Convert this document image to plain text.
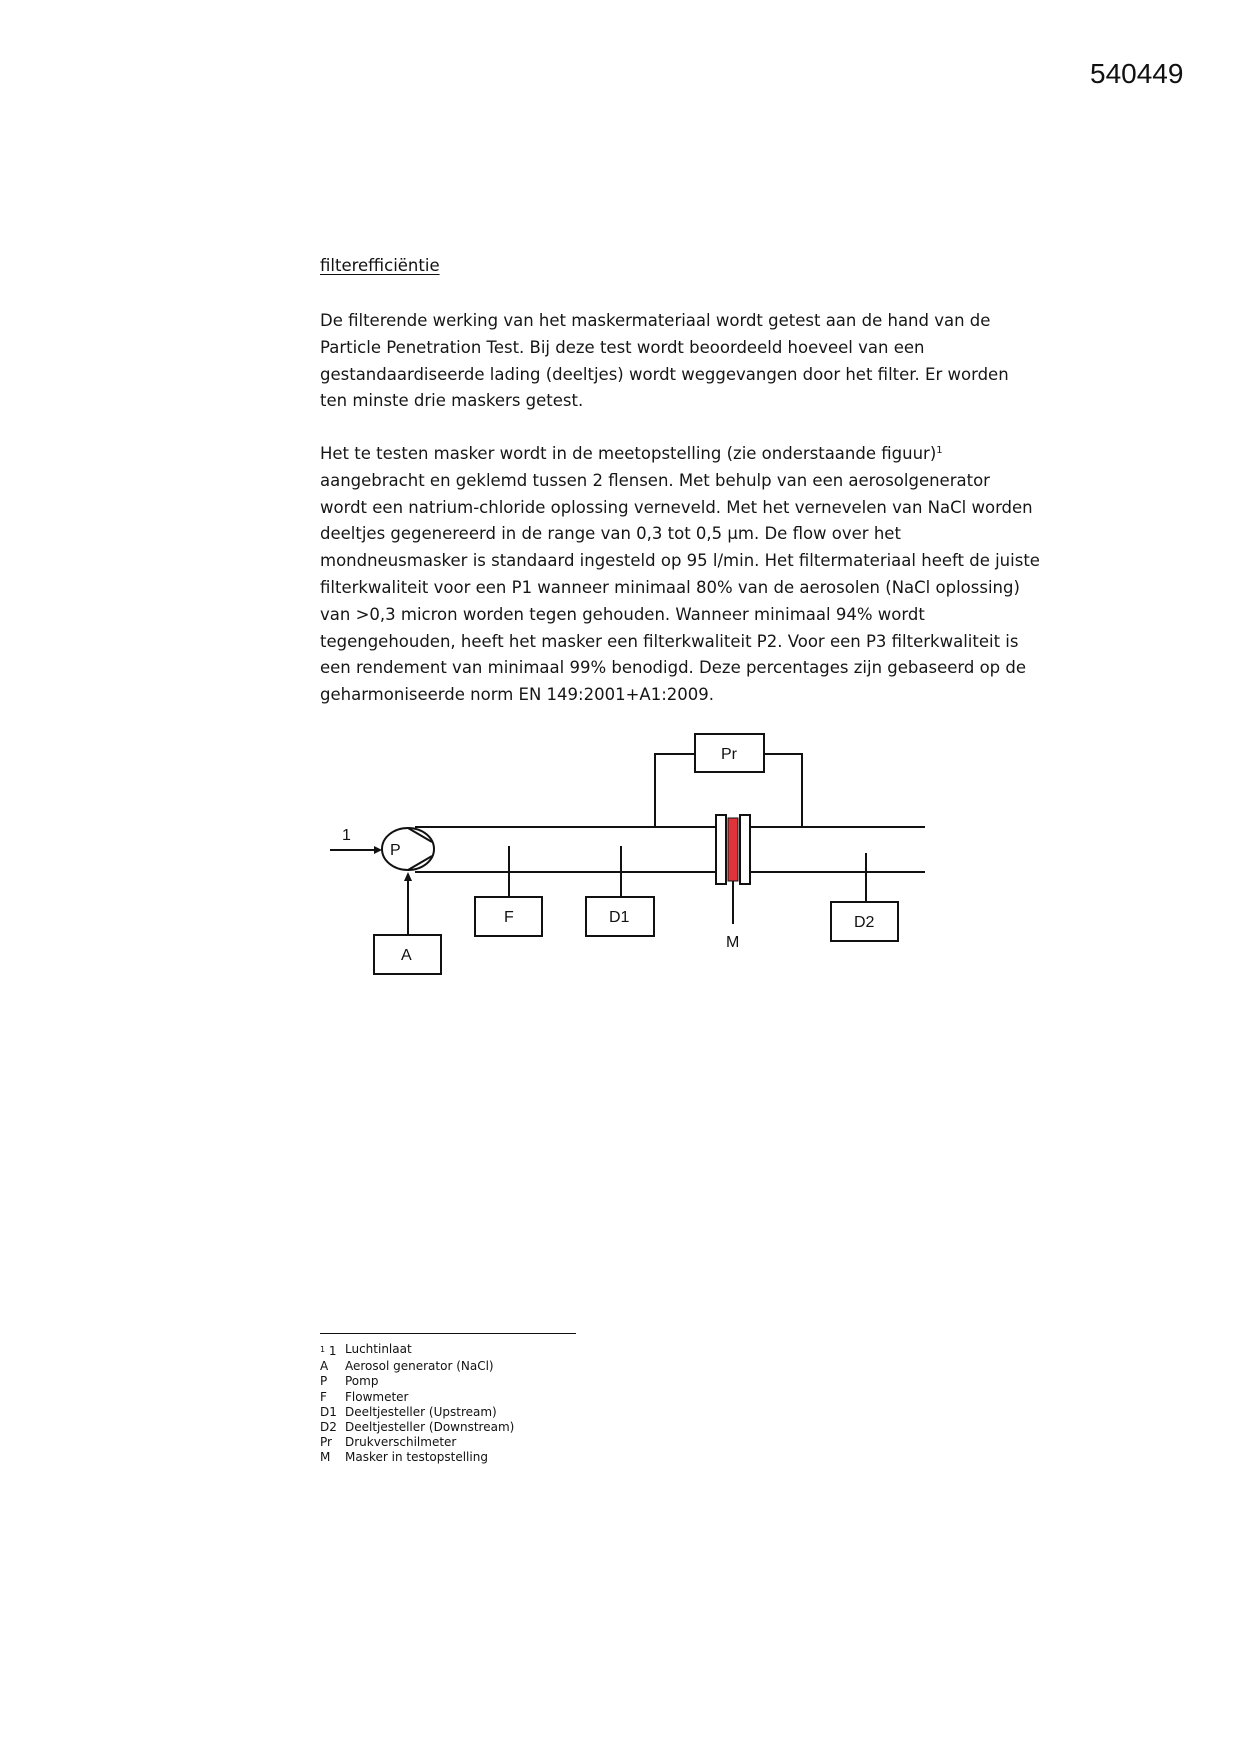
540449
filterefficiëntie

De filterende werking van het maskermateriaal wordt getest aan de hand van de Particle Penetration Test. Bij deze test wordt beoordeeld hoeveel van een gestandaardiseerde lading (deeltjes) wordt weggevangen door het filter. Er worden ten minste drie maskers getest.

Het te testen masker wordt in de meetopstelling (zie onderstaande figuur)$^1$ aangebracht en geklemd tussen 2 flensen. Met behulp van een aerosolgenerator wordt een natrium-chloride oplossing verneveld. Met het vernevelen van NaCl worden deeltjes gegenereerd in de range van 0,3 tot 0,5 µm. De flow over het mondneusmasker is standaard ingesteld op 95 l/min. Het filtermateriaal heeft de juiste filterkwaliteit voor een P1 wanneer minimaal 80% van de aerosolen (NaCl oplossing) van >0,3 micron worden tegen gehouden. Wanneer minimaal 94% wordt tegengehouden, heeft het masker een filterkwaliteit P2. Voor een P3 filterkwaliteit is een rendement van minimaal 99% benodigd. Deze percentages zijn gebaseerd op de geharmoniseerde norm EN 149:2001+A1:2009.

1
P
Pr
F	D1
M
D2
A
$^1$ 1 Luchtinlaat
A	Aerosol generator (NaCl)
P	Pomp
F	Flowmeter
D1 Deeltjesteller (Upstream)
D2 Deeltjesteller (Downstream)
Pr	Drukverschilmeter
M	Masker in testopstelling
